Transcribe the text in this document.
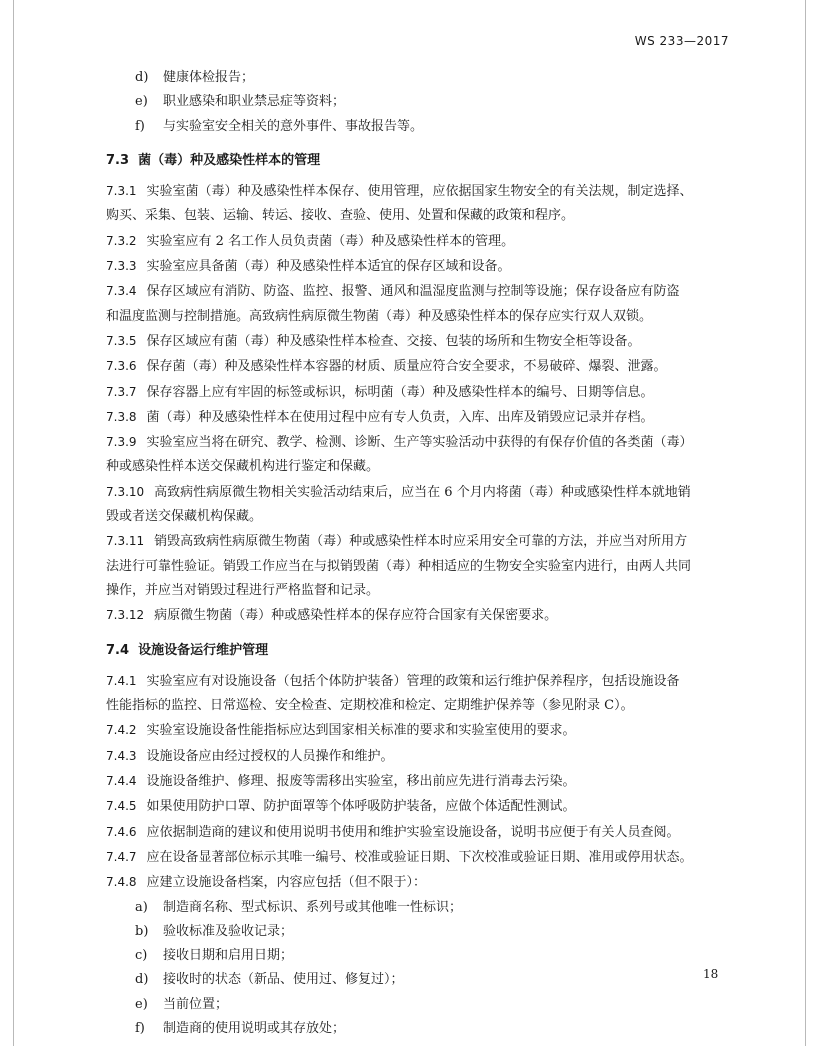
WS 233—2017
d) 健康体检报告；
e) 职业感染和职业禁忌症等资料；
f) 与实验室安全相关的意外事件、事故报告等。
7.3 菌（毒）种及感染性样本的管理
7.3.1 实验室菌（毒）种及感染性样本保存、使用管理，应依据国家生物安全的有关法规，制定选择、
购买、采集、包装、运输、转运、接收、查验、使用、处置和保藏的政策和程序。
7.3.2 实验室应有 2 名工作人员负责菌（毒）种及感染性样本的管理。
7.3.3 实验室应具备菌（毒）种及感染性样本适宜的保存区域和设备。
7.3.4 保存区域应有消防、防盗、监控、报警、通风和温湿度监测与控制等设施；保存设备应有防盗
和温度监测与控制措施。高致病性病原微生物菌（毒）种及感染性样本的保存应实行双人双锁。
7.3.5 保存区域应有菌（毒）种及感染性样本检查、交接、包装的场所和生物安全柜等设备。
7.3.6 保存菌（毒）种及感染性样本容器的材质、质量应符合安全要求，不易破碎、爆裂、泄露。
7.3.7 保存容器上应有牢固的标签或标识，标明菌（毒）种及感染性样本的编号、日期等信息。
7.3.8 菌（毒）种及感染性样本在使用过程中应有专人负责，入库、出库及销毁应记录并存档。
7.3.9 实验室应当将在研究、教学、检测、诊断、生产等实验活动中获得的有保存价值的各类菌（毒）
种或感染性样本送交保藏机构进行鉴定和保藏。
7.3.10 高致病性病原微生物相关实验活动结束后，应当在 6 个月内将菌（毒）种或感染性样本就地销
毁或者送交保藏机构保藏。
7.3.11 销毁高致病性病原微生物菌（毒）种或感染性样本时应采用安全可靠的方法，并应当对所用方
法进行可靠性验证。销毁工作应当在与拟销毁菌（毒）种相适应的生物安全实验室内进行，由两人共同
操作，并应当对销毁过程进行严格监督和记录。
7.3.12 病原微生物菌（毒）种或感染性样本的保存应符合国家有关保密要求。
7.4 设施设备运行维护管理
7.4.1 实验室应有对设施设备（包括个体防护装备）管理的政策和运行维护保养程序，包括设施设备
性能指标的监控、日常巡检、安全检查、定期校准和检定、定期维护保养等（参见附录 C）。
7.4.2 实验室设施设备性能指标应达到国家相关标准的要求和实验室使用的要求。
7.4.3 设施设备应由经过授权的人员操作和维护。
7.4.4 设施设备维护、修理、报废等需移出实验室，移出前应先进行消毒去污染。
7.4.5 如果使用防护口罩、防护面罩等个体呼吸防护装备，应做个体适配性测试。
7.4.6 应依据制造商的建议和使用说明书使用和维护实验室设施设备，说明书应便于有关人员查阅。
7.4.7 应在设备显著部位标示其唯一编号、校准或验证日期、下次校准或验证日期、准用或停用状态。
7.4.8 应建立设施设备档案，内容应包括（但不限于）：
a) 制造商名称、型式标识、系列号或其他唯一性标识；
b) 验收标准及验收记录；
c) 接收日期和启用日期；
d) 接收时的状态（新品、使用过、修复过）；
e) 当前位置；
f) 制造商的使用说明或其存放处；
18
